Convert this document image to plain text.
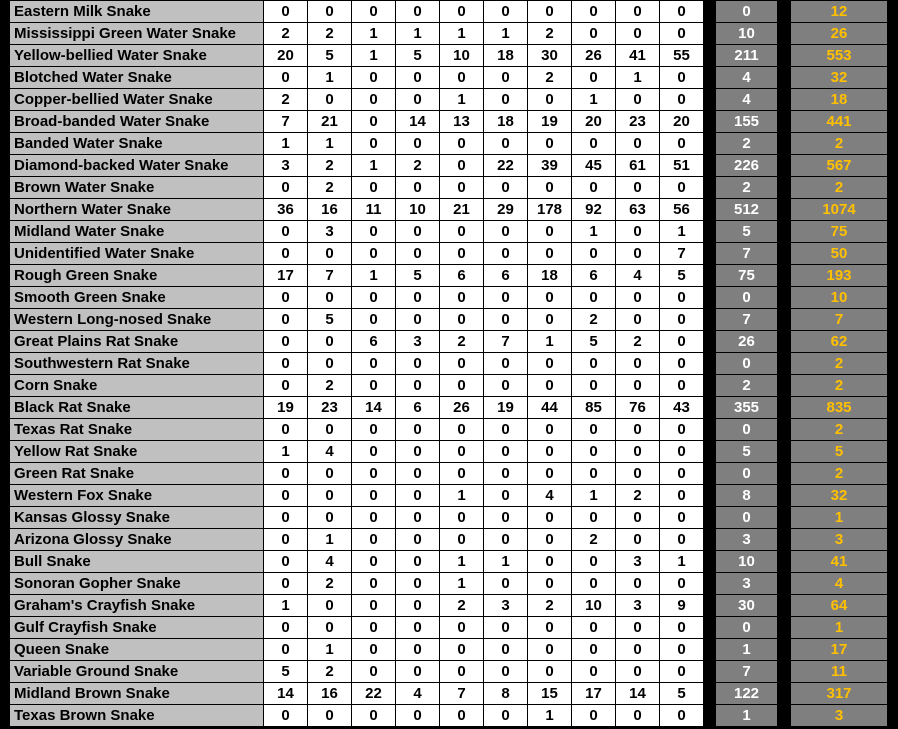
Eastern Milk Snake	0	0	0	0	0	0	0	0	0	0	0	12
Mississippi Green Water Snake	2	2	1	1	1	1	2	0	0	0	10	26
Yellow-bellied Water Snake	20	5	1	5	10	18	30	26	41	55	211	553
Blotched Water Snake	0	1	0	0	0	0	2	0	1	0	4	32
Copper-bellied Water Snake	2	0	0	0	1	0	0	1	0	0	4	18
Broad-banded Water Snake	7	21	0	14	13	18	19	20	23	20	155	441
Banded Water Snake	1	1	0	0	0	0	0	0	0	0	2	2
Diamond-backed Water Snake	3	2	1	2	0	22	39	45	61	51	226	567
Brown Water Snake	0	2	0	0	0	0	0	0	0	0	2	2
Northern Water Snake	36	16	11	10	21	29	178	92	63	56	512	1074
Midland Water Snake	0	3	0	0	0	0	0	1	0	1	5	75
Unidentified Water Snake	0	0	0	0	0	0	0	0	0	7	7	50
Rough Green Snake	17	7	1	5	6	6	18	6	4	5	75	193
Smooth Green Snake	0	0	0	0	0	0	0	0	0	0	0	10
Western Long-nosed Snake	0	5	0	0	0	0	0	2	0	0	7	7
Great Plains Rat Snake	0	0	6	3	2	7	1	5	2	0	26	62
Southwestern Rat Snake	0	0	0	0	0	0	0	0	0	0	0	2
Corn Snake	0	2	0	0	0	0	0	0	0	0	2	2
Black Rat Snake	19	23	14	6	26	19	44	85	76	43	355	835
Texas Rat Snake	0	0	0	0	0	0	0	0	0	0	0	2
Yellow Rat Snake	1	4	0	0	0	0	0	0	0	0	5	5
Green Rat Snake	0	0	0	0	0	0	0	0	0	0	0	2
Western Fox Snake	0	0	0	0	1	0	4	1	2	0	8	32
Kansas Glossy Snake	0	0	0	0	0	0	0	0	0	0	0	1
Arizona Glossy Snake	0	1	0	0	0	0	0	2	0	0	3	3
Bull Snake	0	4	0	0	1	1	0	0	3	1	10	41
Sonoran Gopher Snake	0	2	0	0	1	0	0	0	0	0	3	4
Graham's Crayfish Snake	1	0	0	0	2	3	2	10	3	9	30	64
Gulf Crayfish Snake	0	0	0	0	0	0	0	0	0	0	0	1
Queen Snake	0	1	0	0	0	0	0	0	0	0	1	17
Variable Ground Snake	5	2	0	0	0	0	0	0	0	0	7	11
Midland Brown Snake	14	16	22	4	7	8	15	17	14	5	122	317
Texas Brown Snake	0	0	0	0	0	0	1	0	0	0	1	3
